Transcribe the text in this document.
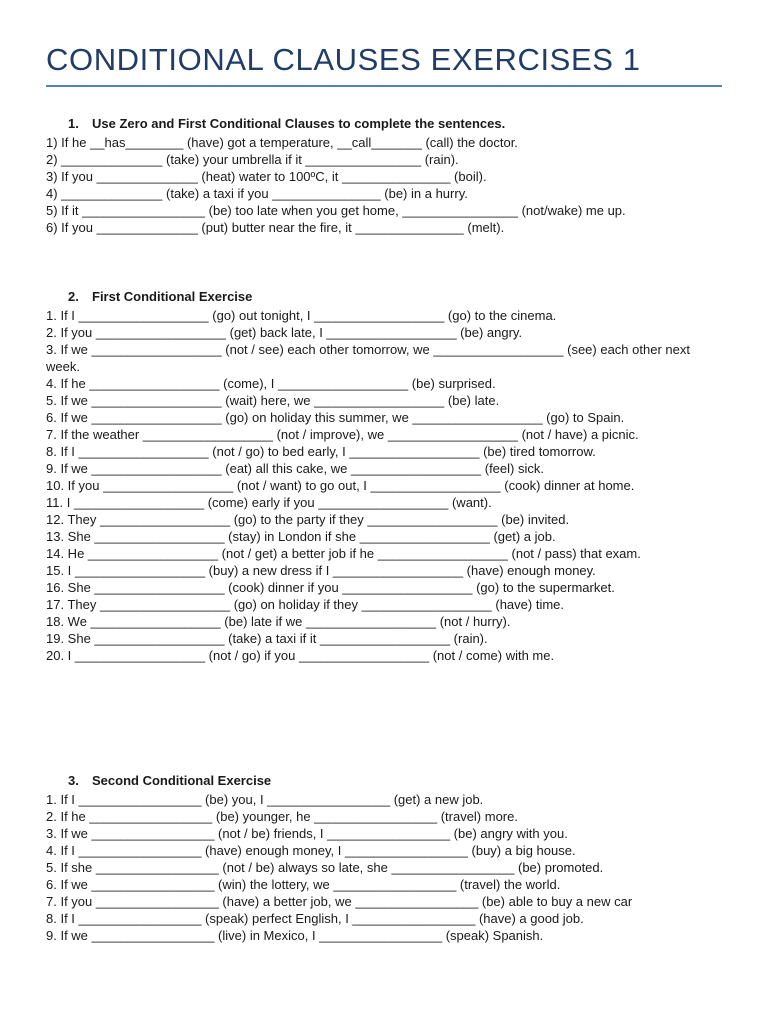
CONDITIONAL CLAUSES EXERCISES 1
1. Use Zero and First Conditional Clauses to complete the sentences.
1) If he __has________ (have) got a temperature, __call_______ (call) the doctor.
2) ______________ (take) your umbrella if it ________________ (rain).
3) If you ______________ (heat) water to 100ºC, it _______________ (boil).
4) ______________ (take) a taxi if you _______________ (be) in a hurry.
5) If it _________________ (be) too late when you get home, ________________ (not/wake) me up.
6) If you ______________ (put) butter near the fire, it _______________ (melt).
2. First Conditional Exercise
1. If I __________________ (go) out tonight, I __________________ (go) to the cinema.
2. If you __________________ (get) back late, I __________________ (be) angry.
3. If we __________________ (not / see) each other tomorrow, we __________________ (see) each other next week.
4. If he __________________ (come), I __________________ (be) surprised.
5. If we __________________ (wait) here, we __________________ (be) late.
6. If we __________________ (go) on holiday this summer, we __________________ (go) to Spain.
7. If the weather __________________ (not / improve), we __________________ (not / have) a picnic.
8. If I __________________ (not / go) to bed early, I __________________ (be) tired tomorrow.
9. If we __________________ (eat) all this cake, we __________________ (feel) sick.
10. If you __________________ (not / want) to go out, I __________________ (cook) dinner at home.
11. I __________________ (come) early if you __________________ (want).
12. They __________________ (go) to the party if they __________________ (be) invited.
13. She __________________ (stay) in London if she __________________ (get) a job.
14. He __________________ (not / get) a better job if he __________________ (not / pass) that exam.
15. I __________________ (buy) a new dress if I __________________ (have) enough money.
16. She __________________ (cook) dinner if you __________________ (go) to the supermarket.
17. They __________________ (go) on holiday if they __________________ (have) time.
18. We __________________ (be) late if we __________________ (not / hurry).
19. She __________________ (take) a taxi if it __________________ (rain).
20. I __________________ (not / go) if you __________________ (not / come) with me.
3. Second Conditional Exercise
1. If I _________________ (be) you, I _________________ (get) a new job.
2. If he _________________ (be) younger, he _________________ (travel) more.
3. If we _________________ (not / be) friends, I _________________ (be) angry with you.
4. If I _________________ (have) enough money, I _________________ (buy) a big house.
5. If she _________________ (not / be) always so late, she _________________ (be) promoted.
6. If we _________________ (win) the lottery, we _________________ (travel) the world.
7. If you _________________ (have) a better job, we _________________ (be) able to buy a new car
8. If I _________________ (speak) perfect English, I _________________ (have) a good job.
9. If we _________________ (live) in Mexico, I _________________ (speak) Spanish.
